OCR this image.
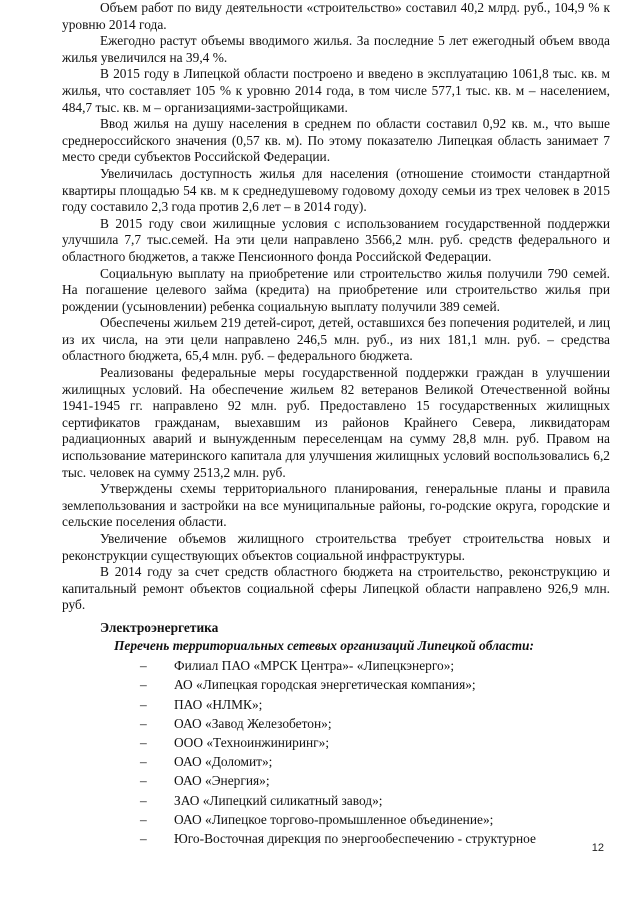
Объем работ по виду деятельности «строительство» составил 40,2 млрд. руб., 104,9 % к уровню 2014 года.

Ежегодно растут объемы вводимого жилья. За последние 5 лет ежегодный объем ввода жилья увеличился на 39,4 %.

В 2015 году в Липецкой области построено и введено в эксплуатацию 1061,8 тыс. кв. м жилья, что составляет 105 % к уровню 2014 года, в том числе 577,1 тыс. кв. м – населением, 484,7 тыс. кв. м – организациями-застройщиками.

Ввод жилья на душу населения в среднем по области составил 0,92 кв. м., что выше среднероссийского значения (0,57 кв. м). По этому показателю Липецкая область занимает 7 место среди субъектов Российской Федерации.

Увеличилась доступность жилья для населения (отношение стоимости стандартной квартиры площадью 54 кв. м к среднедушевому годовому доходу семьи из трех человек в 2015 году составило 2,3 года против 2,6 лет – в 2014 году).

В 2015 году свои жилищные условия с использованием государственной поддержки улучшила 7,7 тыс.семей. На эти цели направлено 3566,2 млн. руб. средств федерального и областного бюджетов, а также Пенсионного фонда Российской Федерации.

Социальную выплату на приобретение или строительство жилья получили 790 семей. На погашение целевого займа (кредита) на приобретение или строительство жилья при рождении (усыновлении) ребенка социальную выплату получили 389 семей.

Обеспечены жильем 219 детей-сирот, детей, оставшихся без попечения родителей, и лиц из их числа, на эти цели направлено 246,5 млн. руб., из них 181,1 млн. руб. – средства областного бюджета, 65,4 млн. руб. – федерального бюджета.

Реализованы федеральные меры государственной поддержки граждан в улучшении жилищных условий. На обеспечение жильем 82 ветеранов Великой Отечественной войны 1941-1945 гг. направлено 92 млн. руб. Предоставлено 15 государственных жилищных сертификатов гражданам, выехавшим из районов Крайнего Севера, ликвидаторам радиационных аварий и вынужденным переселенцам на сумму 28,8 млн. руб. Правом на использование материнского капитала для улучшения жилищных условий воспользовались 6,2 тыс. человек на сумму 2513,2 млн. руб.

Утверждены схемы территориального планирования, генеральные планы и правила землепользования и застройки на все муниципальные районы, го-родские округа, городские и сельские поселения области.

Увеличение объемов жилищного строительства требует строительства новых и реконструкции существующих объектов социальной инфраструктуры.

В 2014 году за счет средств областного бюджета на строительство, реконструкцию и капитальный ремонт объектов социальной сферы Липецкой области направлено 926,9 млн. руб.

Электроэнергетика
Перечень территориальных сетевых организаций Липецкой области:
– Филиал ПАО «МРСК Центра»- «Липецкэнерго»;
– АО «Липецкая городская энергетическая компания»;
– ПАО «НЛМК»;
– ОАО «Завод Железобетон»;
– ООО «Техноинжиниринг»;
– ОАО «Доломит»;
– ОАО «Энергия»;
– ЗАО «Липецкий силикатный завод»;
– ОАО «Липецкое торгово-промышленное объединение»;
– Юго-Восточная дирекция по энергообеспечению - структурное
12
